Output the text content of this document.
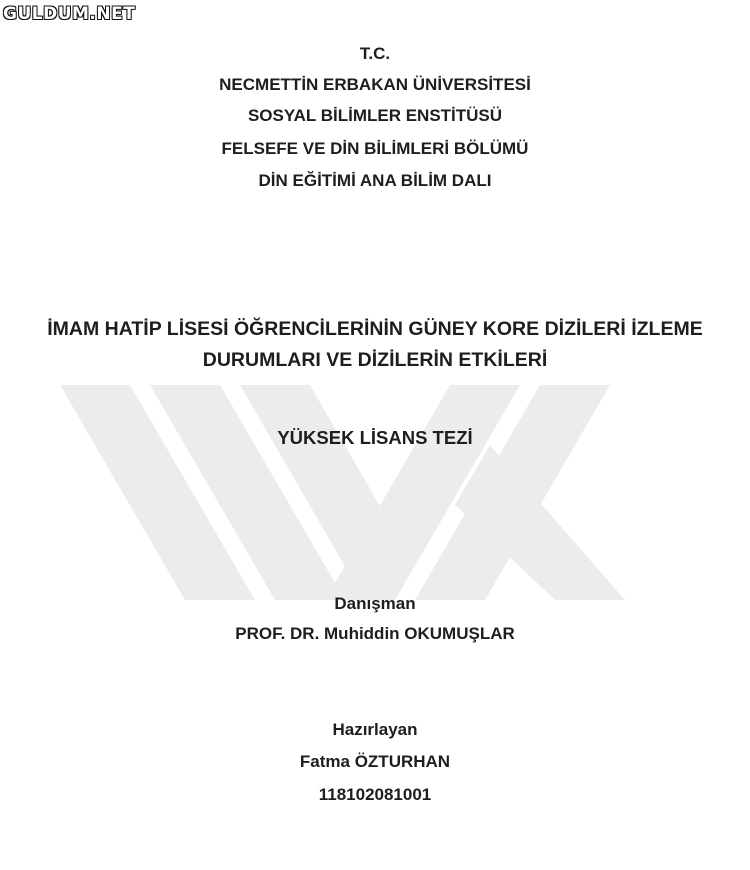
GULDUM.NET
T.C.
NECMETTİN ERBAKAN ÜNİVERSİTESİ
SOSYAL BİLİMLER ENSTİTÜSÜ
FELSEFE VE DİN BİLİMLERİ BÖLÜMÜ
DİN EĞİTİMİ ANA BİLİM DALI
İMAM HATİP LİSESİ ÖĞRENCİLERİNİN GÜNEY KORE DİZİLERİ İZLEME
DURUMLARI VE DİZİLERİN ETKİLERİ
YÜKSEK LİSANS TEZİ
Danışman
PROF. DR. Muhiddin OKUMUŞLAR
Hazırlayan
Fatma ÖZTURHAN
118102081001
